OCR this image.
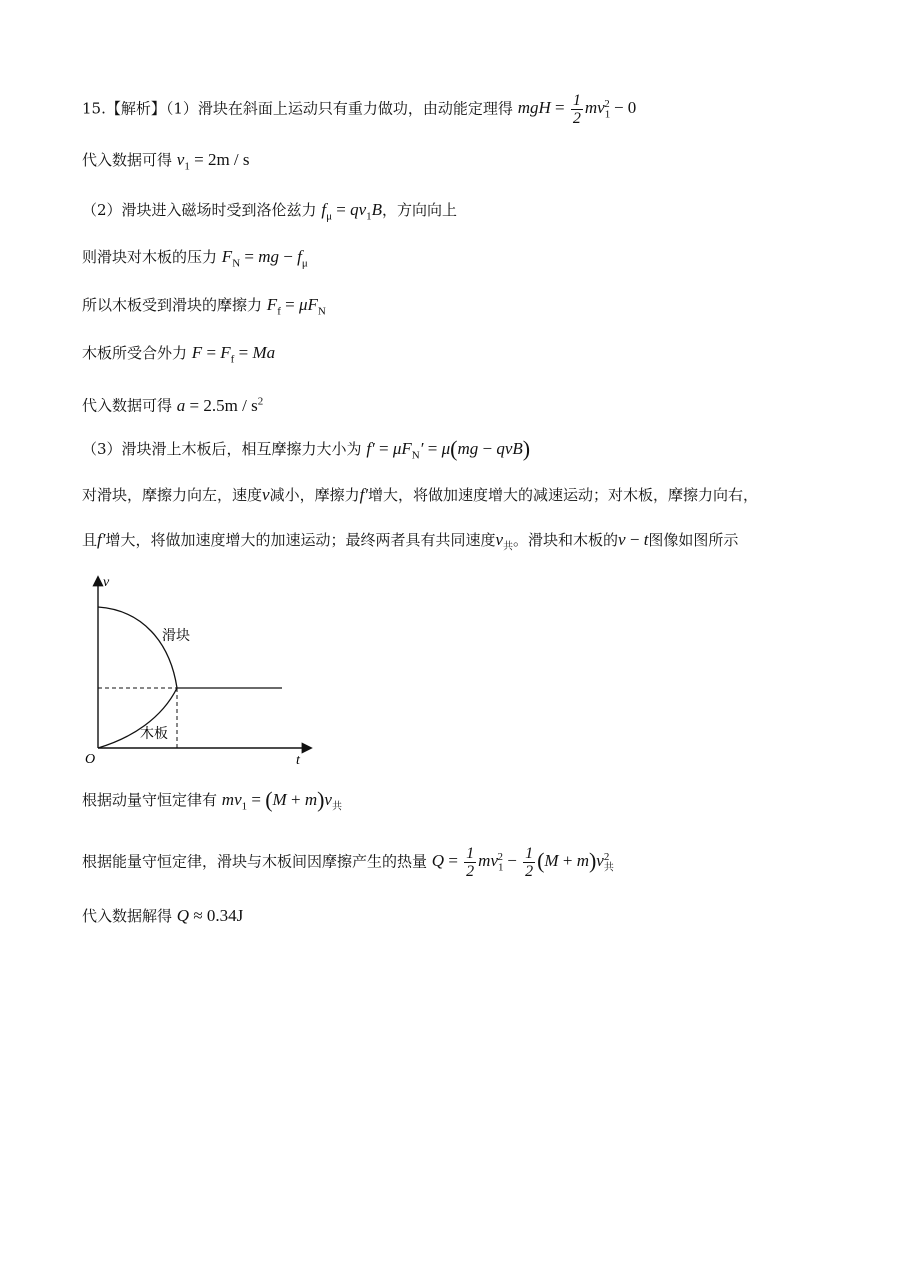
15.【解析】（1）滑块在斜面上运动只有重力做功，由动能定理得 mgH = $\frac{1}{2} mv_1^2 - 0$
代入数据可得 $v_1 = 2m / s$
（2）滑块进入磁场时受到洛伦兹力 $f_\mu = qv_1B$，方向向上
则滑块对木板的压力 $F_N$ = mg − $f_\mu$
所以木板受到滑块的摩擦力 $F_f = \mu F_N$
木板所受合外力 $F = F_f = Ma$
代入数据可得 $a = 2.5m / s^2$
（3）滑块滑上木板后，相互摩擦力大小为 $f' = \mu F_N' = \mu(mg - qvB)$
对滑块，摩擦力向左，速度v减小，摩擦力f′增大，将做加速度增大的减速运动；对木板，摩擦力向右，
且f′增大，将做加速度增大的加速运动；最终两者具有共同速度$v_共$。滑块和木板的v − t图像如图所示
v
t
O
滑块
木板
根据动量守恒定律有 $mv_1 = (M + m)v_共$
根据能量守恒定律，滑块与木板间因摩擦产生的热量 $Q = \frac{1}{2} mv_1^2 - \frac{1}{2} (M + m)v_共^2$
代入数据解得 Q ≈ 0.34J
